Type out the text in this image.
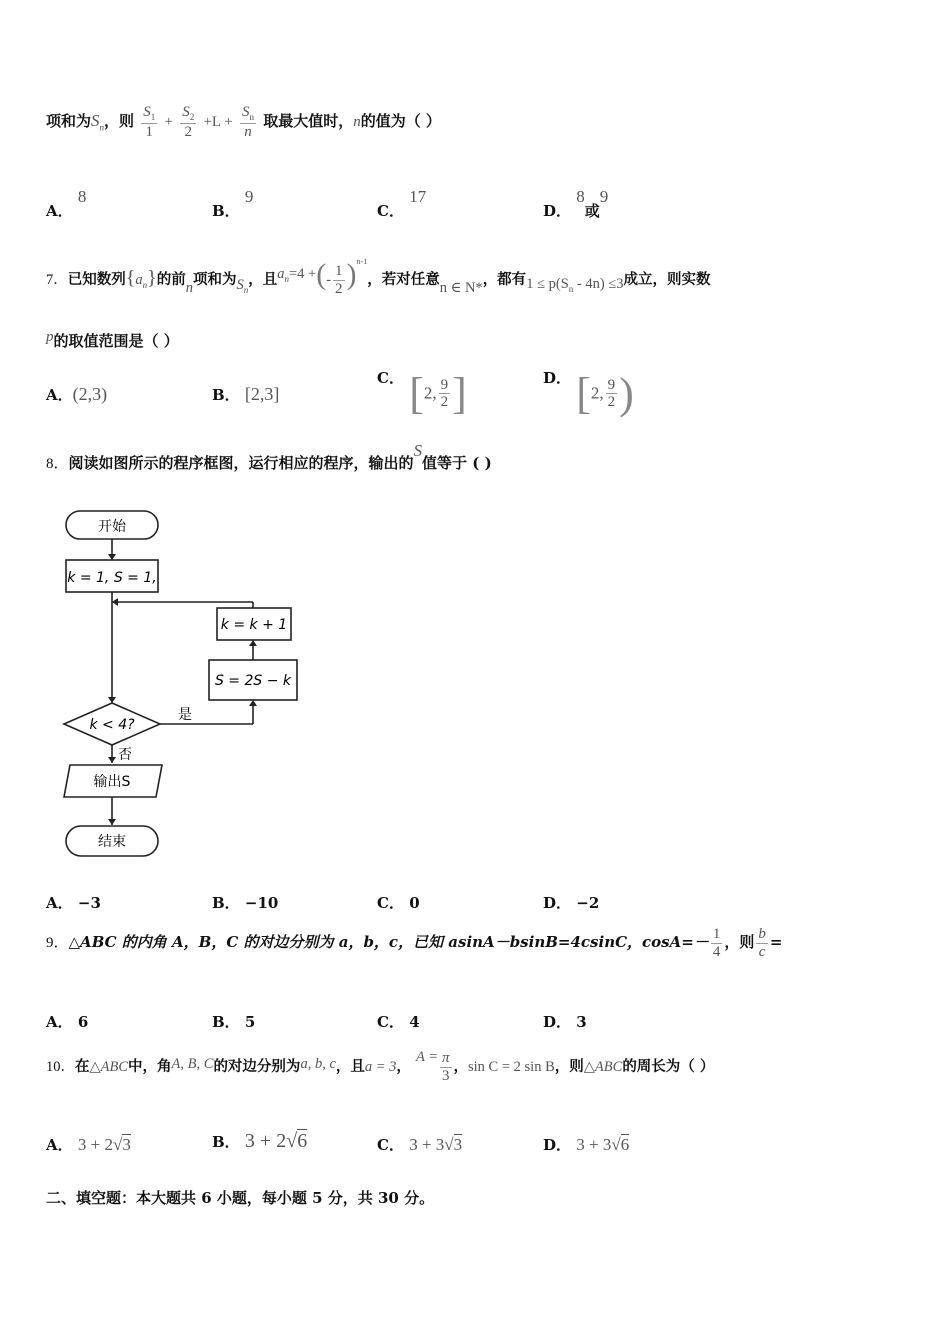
项和为$S_n$，则 $\frac{S_1}{1} + \frac{S_2}{2} +L + \frac{S_n}{n}$ 取最大值时，n的值为（ ）
A． 8
B． 9
C． 17
D． 8或9
7．已知数列$\{a_n\}$的前n项和为$S_n$，且$a_n=4$ +(- $\frac{1}{2} )^{n-1}$，若对任意n ∈ N*，都有$1 \le p(S_n - 4n) \le 3$成立，则实数
p的取值范围是（ ）
A．(2,3)	B． [2,3]
C． [2, $\frac{9}{2}$ ]	D． [2, $\frac{9}{2}$ )
8．阅读如图所示的程序框图，运行相应的程序，输出的S值等于 ( )
开始
k = 1, S = 1,
k = k + 1
S = 2S − k
k < 4?
是
否
输出S
结束
A． −3	B． −10	C． 0	D． −2
9．△ABC 的内角 A，B，C 的对边分别为 a，b，c，已知 asinA－bsinB=4csinC，$\cos A=- \frac{1}{4}$ ，则 $\frac{b}{c}$ =
A． 6	B． 5	C． 4	D． 3
10．在△ABC中，角A, B, C的对边分别为a, b, c，且a = 3， $A = \frac{\pi}{3}$ ，sin C = 2 sin B，则△ABC的周长为（ ）
A． 3 + 2√3	B． 3 + 2√6	C． 3 + 3√3	D． 3 + 3√6
二、填空题：本大题共 6 小题，每小题 5 分，共 30 分。
